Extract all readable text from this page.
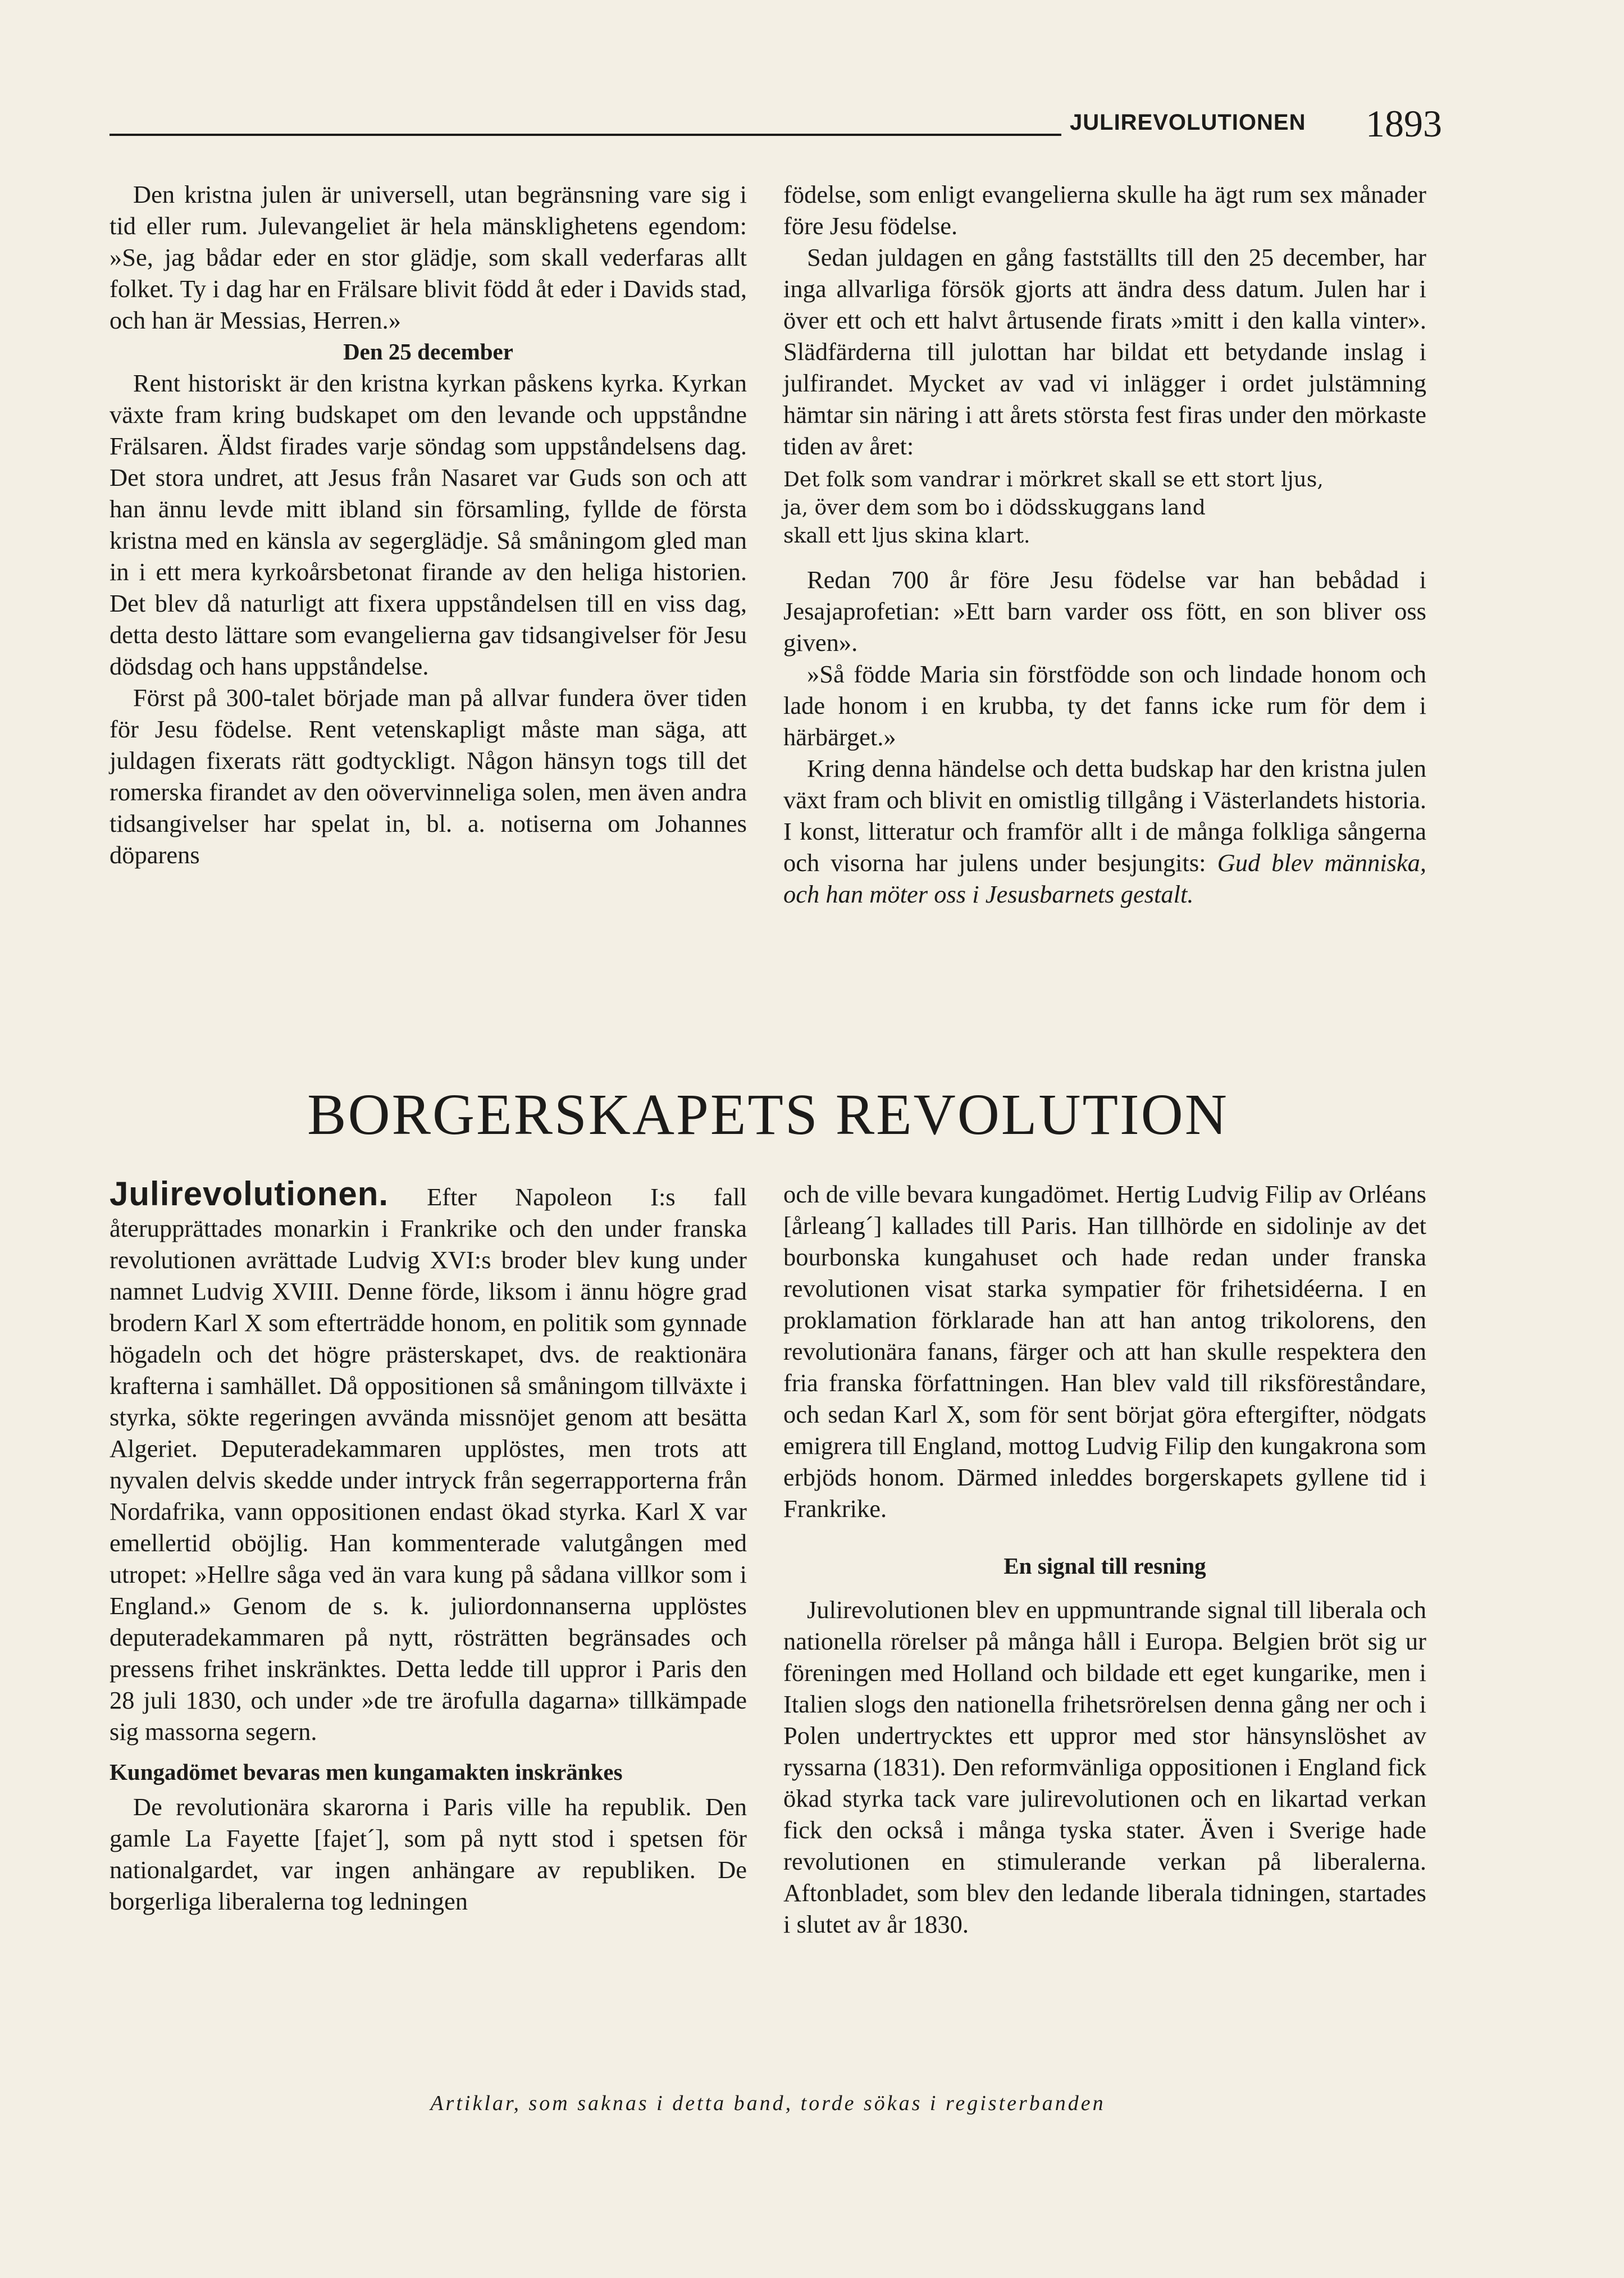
JULIREVOLUTIONEN	1893

Den kristna julen är universell, utan begränsning vare sig i tid eller rum. Julevangeliet är hela mänsklighetens egendom: »Se, jag bådar eder en stor glädje, som skall vederfaras allt folket. Ty i dag har en Frälsare blivit född åt eder i Davids stad, och han är Messias, Herren.»

Den 25 december

Rent historiskt är den kristna kyrkan påskens kyrka. Kyrkan växte fram kring budskapet om den levande och uppståndne Frälsaren. Äldst firades varje söndag som uppståndelsens dag. Det stora undret, att Jesus från Nasaret var Guds son och att han ännu levde mitt ibland sin församling, fyllde de första kristna med en känsla av segerglädje. Så småningom gled man in i ett mera kyrkoårsbetonat firande av den heliga historien. Det blev då naturligt att fixera uppståndelsen till en viss dag, detta desto lättare som evangelierna gav tidsangivelser för Jesu dödsdag och hans uppståndelse.

Först på 300-talet började man på allvar fundera över tiden för Jesu födelse. Rent vetenskapligt måste man säga, att juldagen fixerats rätt godtyckligt. Någon hänsyn togs till det romerska firandet av den oövervinneliga solen, men även andra tidsangivelser har spelat in, bl. a. notiserna om Johannes döparens

födelse, som enligt evangelierna skulle ha ägt rum sex månader före Jesu födelse.

Sedan juldagen en gång fastställts till den 25 december, har inga allvarliga försök gjorts att ändra dess datum. Julen har i över ett och ett halvt årtusende firats »mitt i den kalla vinter». Slädfärderna till julottan har bildat ett betydande inslag i julfirandet. Mycket av vad vi inlägger i ordet julstämning hämtar sin näring i att årets största fest firas under den mörkaste tiden av året:

Det folk som vandrar i mörkret skall se ett stort ljus,
ja, över dem som bo i dödsskuggans land
skall ett ljus skina klart.

Redan 700 år före Jesu födelse var han bebådad i Jesajaprofetian: »Ett barn varder oss fött, en son bliver oss given».

»Så födde Maria sin förstfödde son och lindade honom och lade honom i en krubba, ty det fanns icke rum för dem i härbärget.»

Kring denna händelse och detta budskap har den kristna julen växt fram och blivit en omistlig tillgång i Västerlandets historia. I konst, litteratur och framför allt i de många folkliga sångerna och visorna har julens under besjungits: Gud blev människa, och han möter oss i Jesusbarnets gestalt.

BORGERSKAPETS REVOLUTION

Julirevolutionen. Efter Napoleon I:s fall återupprättades monarkin i Frankrike och den under franska revolutionen avrättade Ludvig XVI:s broder blev kung under namnet Ludvig XVIII. Denne förde, liksom i ännu högre grad brodern Karl X som efterträdde honom, en politik som gynnade högadeln och det högre prästerskapet, dvs. de reaktionära krafterna i samhället. Då oppositionen så småningom tillväxte i styrka, sökte regeringen avvända missnöjet genom att besätta Algeriet. Deputeradekammaren upplöstes, men trots att nyvalen delvis skedde under intryck från segerrapporterna från Nordafrika, vann oppositionen endast ökad styrka. Karl X var emellertid oböjlig. Han kommenterade valutgången med utropet: »Hellre såga ved än vara kung på sådana villkor som i England.» Genom de s. k. juliordonnanserna upplöstes deputeradekammaren på nytt, rösträtten begränsades och pressens frihet inskränktes. Detta ledde till uppror i Paris den 28 juli 1830, och under »de tre ärofulla dagarna» tillkämpade sig massorna segern.

Kungadömet bevaras men kungamakten inskränkes

De revolutionära skarorna i Paris ville ha republik. Den gamle La Fayette [fajet´], som på nytt stod i spetsen för nationalgardet, var ingen anhängare av republiken. De borgerliga liberalerna tog ledningen

och de ville bevara kungadömet. Hertig Ludvig Filip av Orléans [årleang´] kallades till Paris. Han tillhörde en sidolinje av det bourbonska kungahuset och hade redan under franska revolutionen visat starka sympatier för frihetsidéerna. I en proklamation förklarade han att han antog trikolorens, den revolutionära fanans, färger och att han skulle respektera den fria franska författningen. Han blev vald till riksföreståndare, och sedan Karl X, som för sent börjat göra eftergifter, nödgats emigrera till England, mottog Ludvig Filip den kungakrona som erbjöds honom. Därmed inleddes borgerskapets gyllene tid i Frankrike.

En signal till resning

Julirevolutionen blev en uppmuntrande signal till liberala och nationella rörelser på många håll i Europa. Belgien bröt sig ur föreningen med Holland och bildade ett eget kungarike, men i Italien slogs den nationella frihetsrörelsen denna gång ner och i Polen undertrycktes ett uppror med stor hänsynslöshet av ryssarna (1831). Den reformvänliga oppositionen i England fick ökad styrka tack vare julirevolutionen och en likartad verkan fick den också i många tyska stater. Även i Sverige hade revolutionen en stimulerande verkan på liberalerna. Aftonbladet, som blev den ledande liberala tidningen, startades i slutet av år 1830.

Artiklar, som saknas i detta band, torde sökas i registerbanden
